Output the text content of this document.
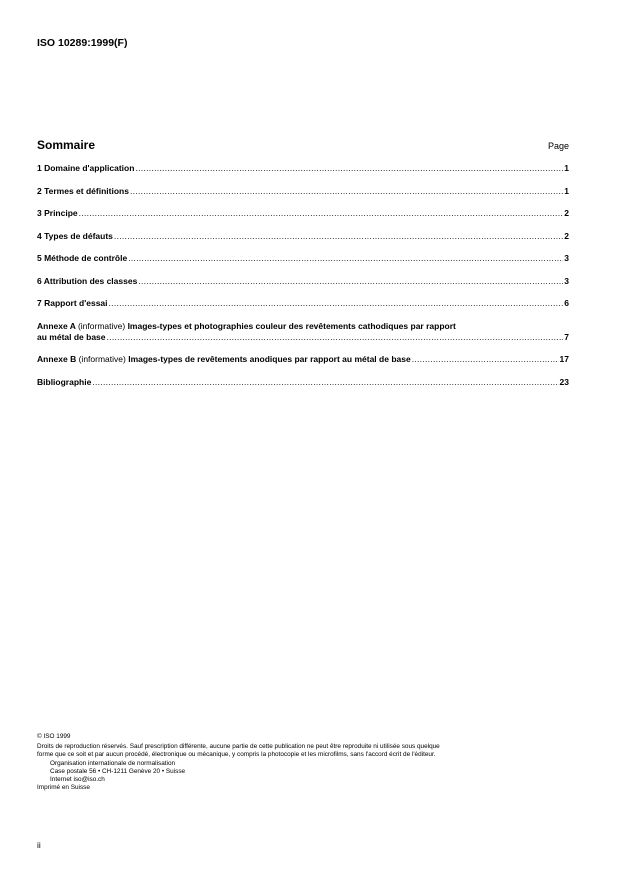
ISO 10289:1999(F)
Sommaire	Page
1 Domaine d'application .....	1
2 Termes et définitions .....	1
3 Principe .....	2
4 Types de défauts .....	2
5 Méthode de contrôle .....	3
6 Attribution des classes .....	3
7 Rapport d'essai .....	6
Annexe A (informative) Images-types et photographies couleur des revêtements cathodiques par rapport
au métal de base .....	7
Annexe B (informative) Images-types de revêtements anodiques par rapport au métal de base .....	17
Bibliographie .....	23
© ISO 1999
Droits de reproduction réservés. Sauf prescription différente, aucune partie de cette publication ne peut être reproduite ni utilisée sous quelque
forme que ce soit et par aucun procédé, électronique ou mécanique, y compris la photocopie et les microfilms, sans l'accord écrit de l'éditeur.
Organisation internationale de normalisation
Case postale 56 • CH-1211 Genève 20 • Suisse
Internet iso@iso.ch
Imprimé en Suisse
ii
